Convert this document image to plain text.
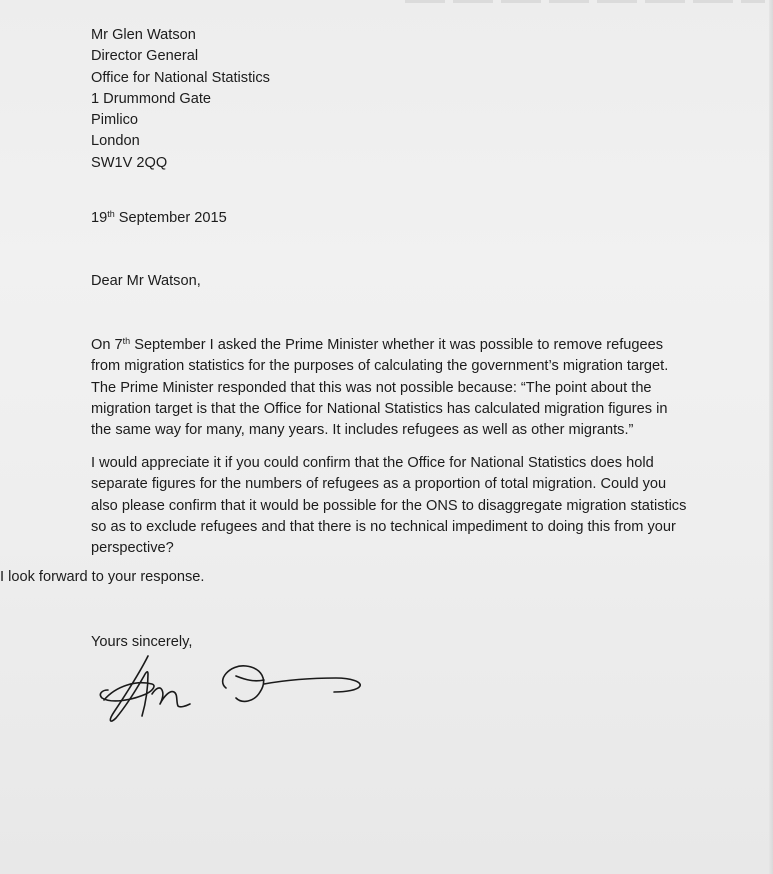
Mr Glen Watson
Director General
Office for National Statistics
1 Drummond Gate
Pimlico
London
SW1V 2QQ
19th September 2015
Dear Mr Watson,
On 7th September I asked the Prime Minister whether it was possible to remove refugees
from migration statistics for the purposes of calculating the government’s migration target.
The Prime Minister responded that this was not possible because: “The point about the
migration target is that the Office for National Statistics has calculated migration figures in
the same way for many, many years. It includes refugees as well as other migrants.”
I would appreciate it if you could confirm that the Office for National Statistics does hold
separate figures for the numbers of refugees as a proportion of total migration. Could you
also please confirm that it would be possible for the ONS to disaggregate migration statistics
so as to exclude refugees and that there is no technical impediment to doing this from your
perspective?
I look forward to your response.
Yours sincerely,
